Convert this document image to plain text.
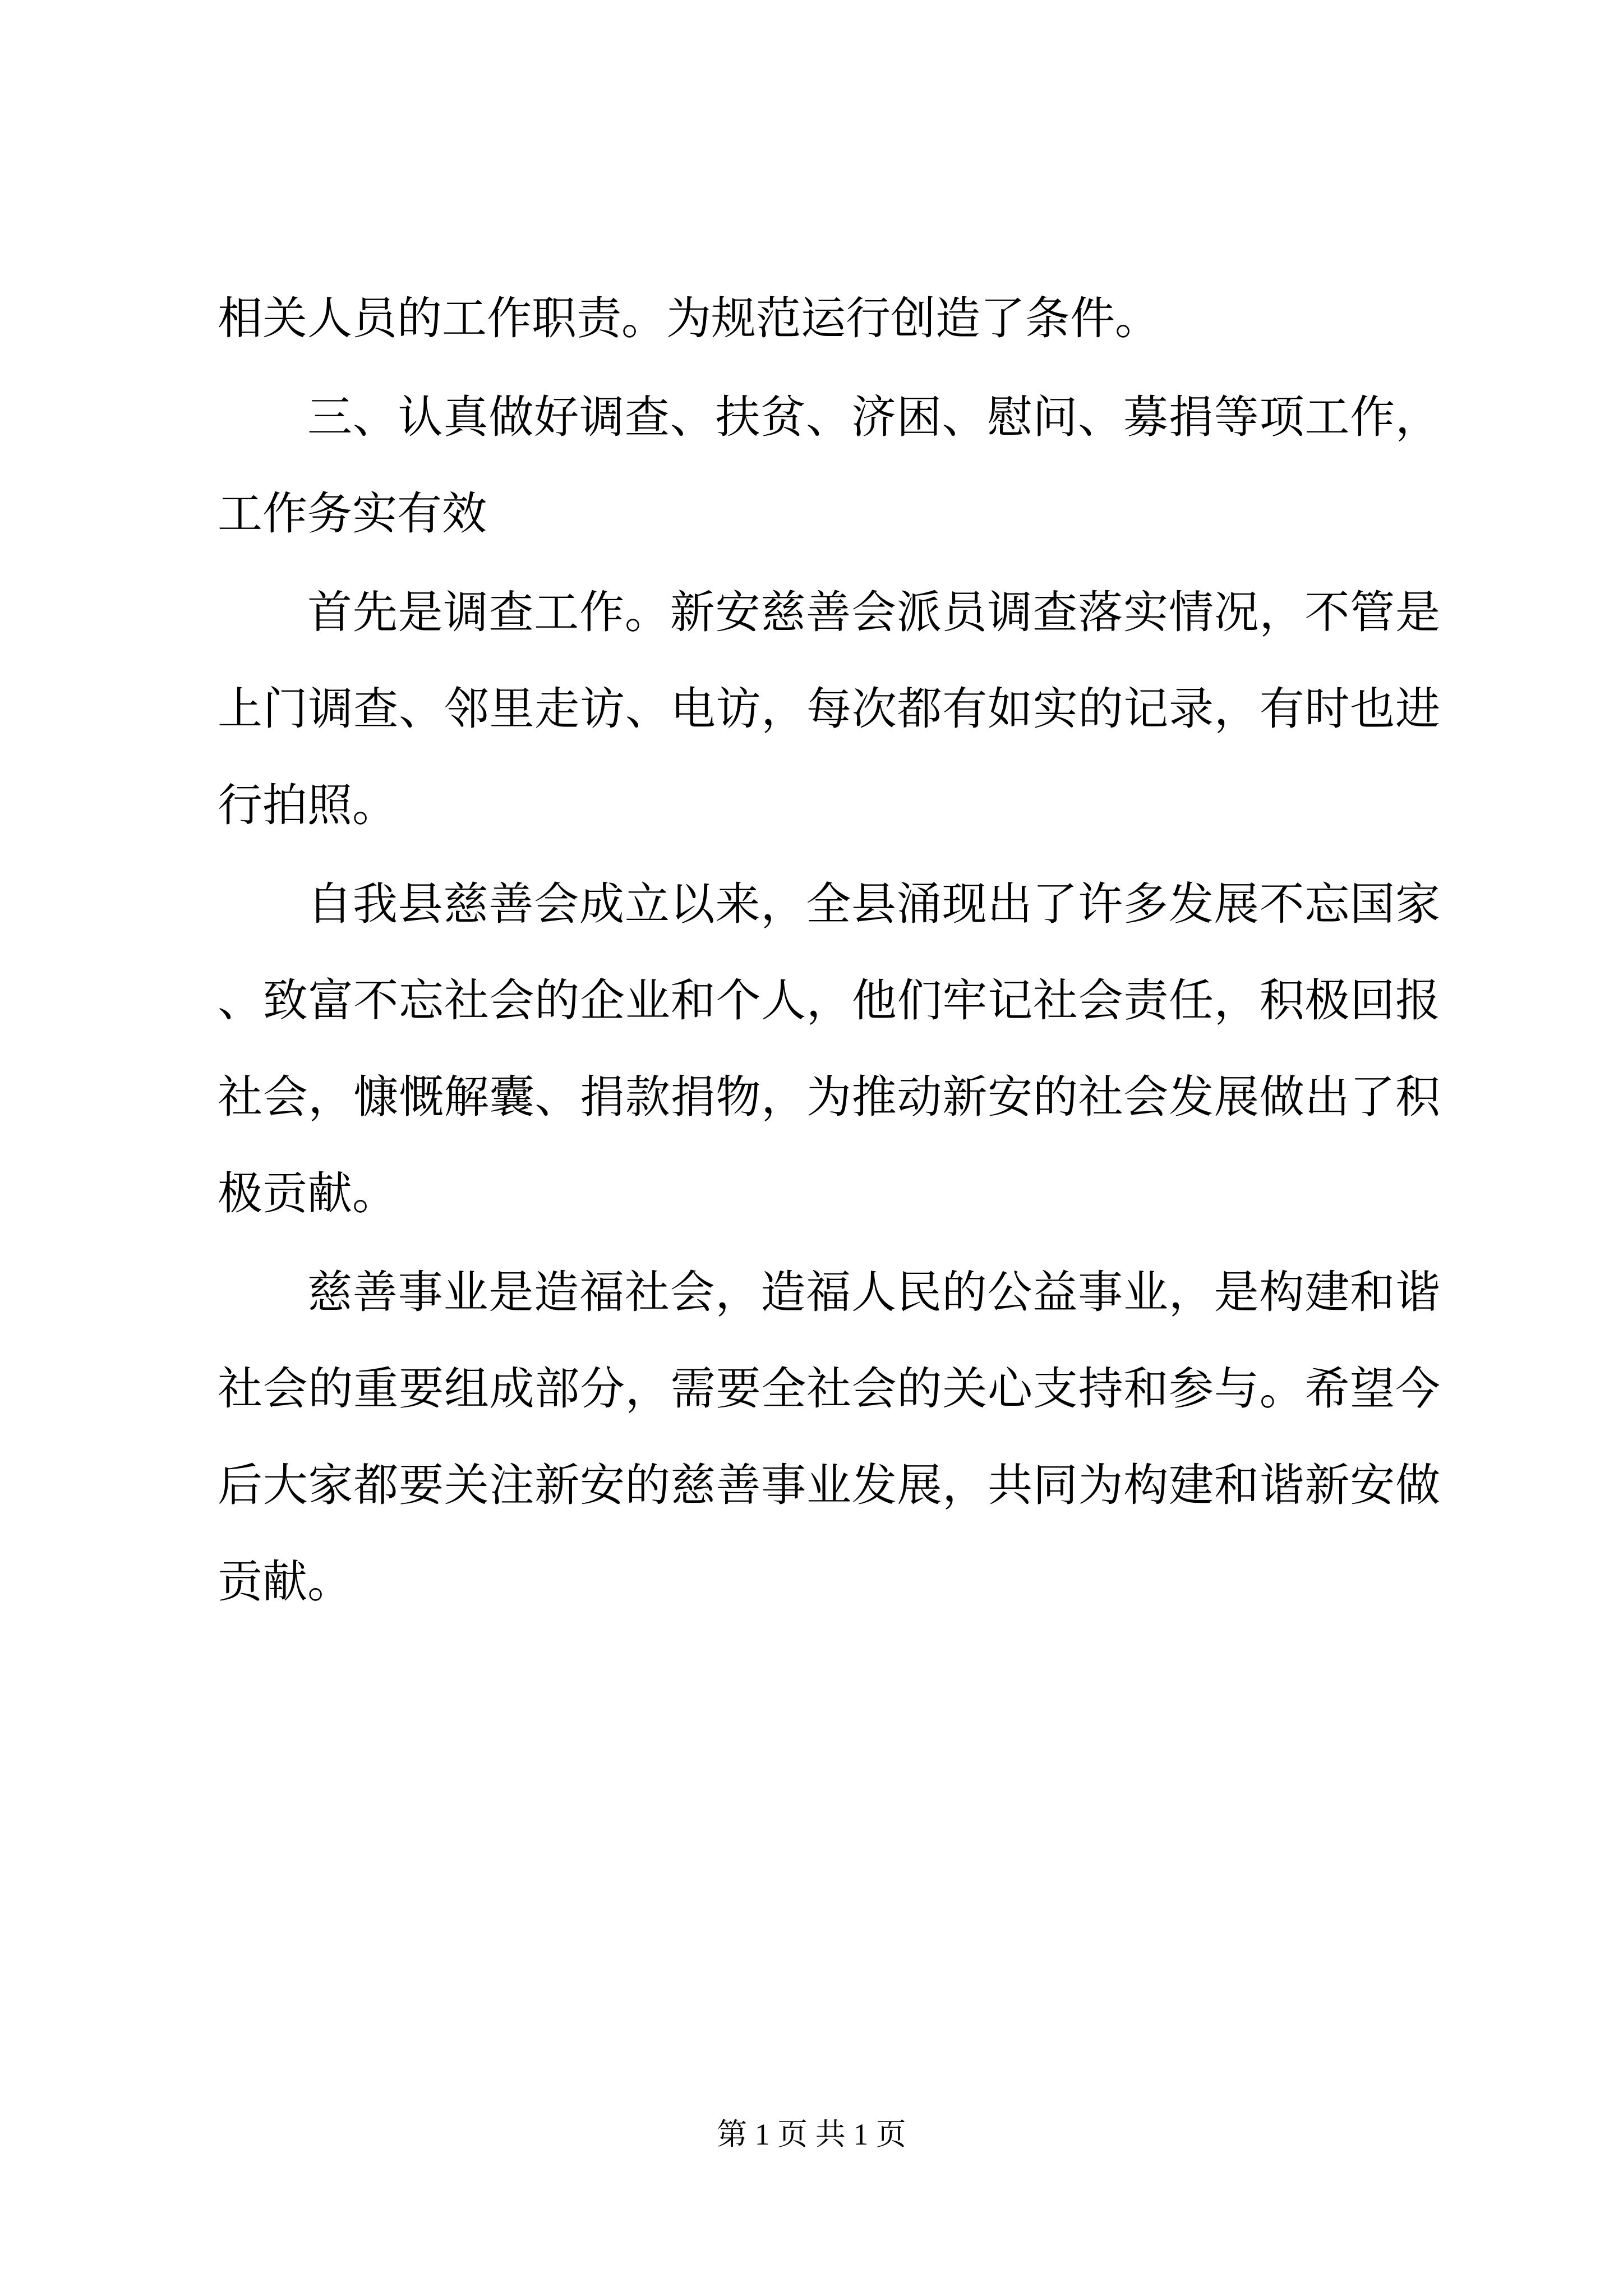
相关人员的工作职责。为规范运行创造了条件。

三、认真做好调查、扶贫、济困、慰问、募捐等项工作，工作务实有效

首先是调查工作。新安慈善会派员调查落实情况，不管是上门调查、邻里走访、电访，每次都有如实的记录，有时也进行拍照。

自我县慈善会成立以来，全县涌现出了许多发展不忘国家、致富不忘社会的企业和个人，他们牢记社会责任，积极回报社会，慷慨解囊、捐款捐物，为推动新安的社会发展做出了积极贡献。

慈善事业是造福社会，造福人民的公益事业，是构建和谐社会的重要组成部分，需要全社会的关心支持和参与。希望今后大家都要关注新安的慈善事业发展，共同为构建和谐新安做贡献。

第 1 页 共 1 页
